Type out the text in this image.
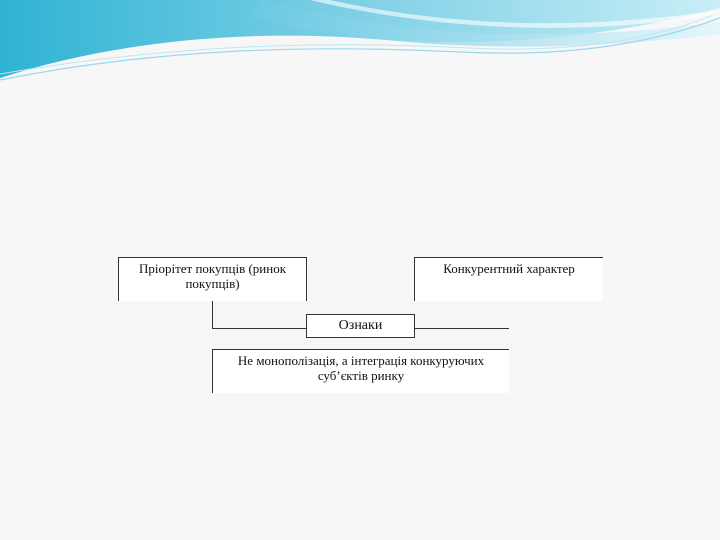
Пріорітет покупців (ринок покупців)
Конкурентний характер
Ознаки
Не монополізація, а інтеграція конкуруючих суб’єктів ринку
